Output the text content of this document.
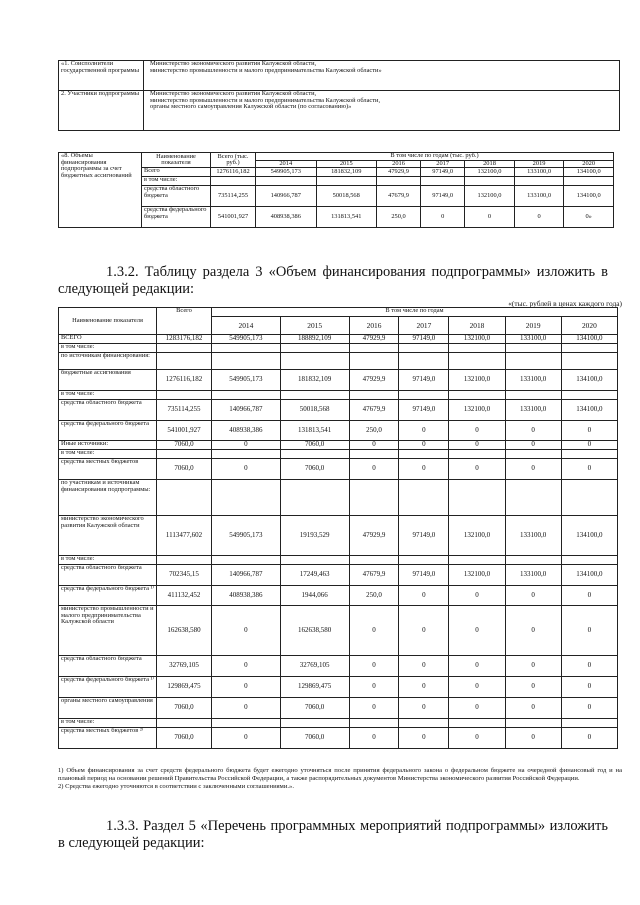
«1. Соисполнители государственной программы	Министерство экономического развития Калужской области,
министерство промышленности и малого предпринимательства Калужской области»
2. Участники подпрограммы	Министерство экономического развития Калужской области,
министерство промышленности и малого предпринимательства Калужской области,
органы местного самоуправления Калужской области (по согласованию)»
«8. Объемы финансирования подпрограммы за счет бюджетных ассигнований	Наименование показателя	Всего (тыс. руб.)	В том числе по годам (тыс. руб.)						
			2014	2015	2016	2017	2018	2019	2020
	Всего	1276116,182	549905,173	181832,109	47929,9	97149,0	132100,0	133100,0	134100,0
	в том числе:								
	средства областного бюджета	735114,255	140966,787	50018,568	47679,9	97149,0	132100,0	133100,0	134100,0
	средства федерального бюджета	541001,927	408938,386	131813,541	250,0	0	0	0	0»
1.3.2. Таблицу раздела 3 «Объем финансирования подпрограммы» изложить в следующей редакции:
«(тыс. рублей в ценах каждого года)
Наименование показателя	Всего	В том числе по годам						
		2014	2015	2016	2017	2018	2019	2020
ВСЕГО	1283176,182	549905,173	188892,109	47929,9	97149,0	132100,0	133100,0	134100,0
в том числе:								
по источникам финансирования:								
бюджетные ассигнования	1276116,182	549905,173	181832,109	47929,9	97149,0	132100,0	133100,0	134100,0
в том числе:								
средства областного бюджета	735114,255	140966,787	50018,568	47679,9	97149,0	132100,0	133100,0	134100,0
средства федерального бюджета	541001,927	408938,386	131813,541	250,0	0	0	0	0
Иные источники:	7060,0	0	7060,0	0	0	0	0	0
в том числе:								
средства местных бюджетов	7060,0	0	7060,0	0	0	0	0	0
по участникам и источникам финансирования подпрограммы:								
министерство экономического развития Калужской области	1113477,602	549905,173	19193,529	47929,9	97149,0	132100,0	133100,0	134100,0
в том числе:								
средства областного бюджета	702345,15	140966,787	17249,463	47679,9	97149,0	132100,0	133100,0	134100,0
средства федерального бюджета ¹⁾	411132,452	408938,386	1944,066	250,0	0	0	0	0
министерство промышленности и малого предпринимательства Калужской области	162638,580	0	162638,580	0	0	0	0	0
средства областного бюджета	32769,105	0	32769,105	0	0	0	0	0
средства федерального бюджета ¹⁾	129869,475	0	129869,475	0	0	0	0	0
органы местного самоуправления	7060,0	0	7060,0	0	0	0	0	0
в том числе:								
средства местных бюджетов ²⁾	7060,0	0	7060,0	0	0	0	0	0
1) Объем финансирования за счет средств федерального бюджета будет ежегодно уточняться после принятия федерального закона о федеральном бюджете на очередной финансовый год и на плановый период на основании решений Правительства Российской Федерации, а также распорядительных документов Министерства экономического развития Российской Федерации.
2) Средства ежегодно уточняются в соответствии с заключенными соглашениями.».
1.3.3. Раздел 5 «Перечень программных мероприятий подпрограммы» изложить в следующей редакции:
